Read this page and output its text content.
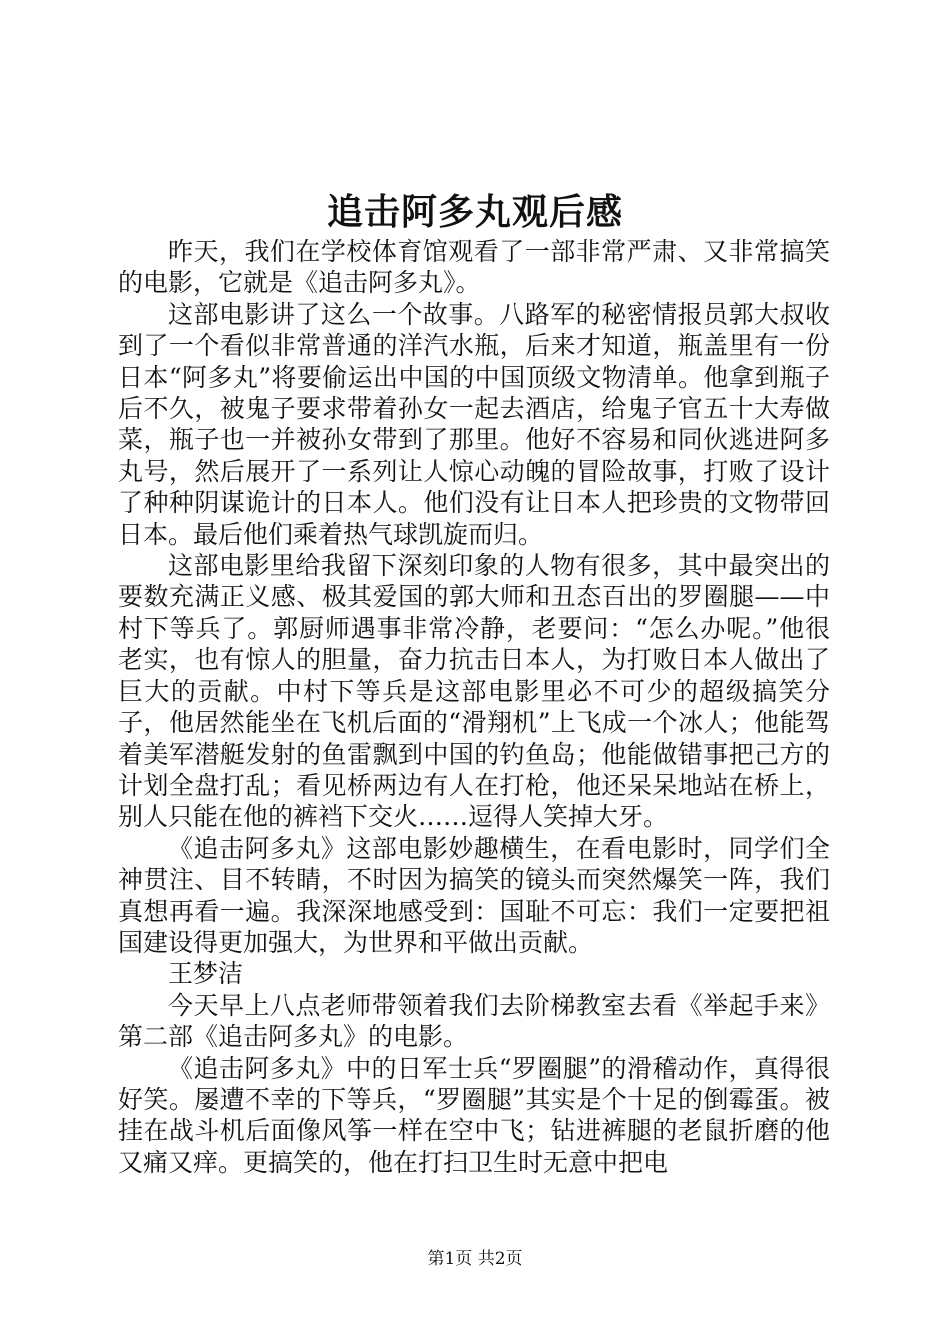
追击阿多丸观后感

昨天，我们在学校体育馆观看了一部非常严肃、又非常搞笑的电影，它就是《追击阿多丸》。

这部电影讲了这么一个故事。八路军的秘密情报员郭大叔收到了一个看似非常普通的洋汽水瓶，后来才知道，瓶盖里有一份日本“阿多丸”将要偷运出中国的中国顶级文物清单。他拿到瓶子后不久，被鬼子要求带着孙女一起去酒店，给鬼子官五十大寿做菜，瓶子也一并被孙女带到了那里。他好不容易和同伙逃进阿多丸号，然后展开了一系列让人惊心动魄的冒险故事，打败了设计了种种阴谋诡计的日本人。他们没有让日本人把珍贵的文物带回日本。最后他们乘着热气球凯旋而归。

这部电影里给我留下深刻印象的人物有很多，其中最突出的要数充满正义感、极其爱国的郭大师和丑态百出的罗圈腿——中村下等兵了。郭厨师遇事非常冷静，老要问：“怎么办呢。”他很老实，也有惊人的胆量，奋力抗击日本人，为打败日本人做出了巨大的贡献。中村下等兵是这部电影里必不可少的超级搞笑分子，他居然能坐在飞机后面的“滑翔机”上飞成一个冰人；他能驾着美军潜艇发射的鱼雷飘到中国的钓鱼岛；他能做错事把己方的计划全盘打乱；看见桥两边有人在打枪，他还呆呆地站在桥上，别人只能在他的裤裆下交火……逗得人笑掉大牙。

《追击阿多丸》这部电影妙趣横生，在看电影时，同学们全神贯注、目不转睛，不时因为搞笑的镜头而突然爆笑一阵，我们真想再看一遍。我深深地感受到：国耻不可忘：我们一定要把祖国建设得更加强大，为世界和平做出贡献。

王梦洁

今天早上八点老师带领着我们去阶梯教室去看《举起手来》第二部《追击阿多丸》的电影。

《追击阿多丸》中的日军士兵“罗圈腿”的滑稽动作，真得很好笑。屡遭不幸的下等兵，“罗圈腿”其实是个十足的倒霉蛋。被挂在战斗机后面像风筝一样在空中飞；钻进裤腿的老鼠折磨的他又痛又痒。更搞笑的，他在打扫卫生时无意中把电

第1页 共2页
